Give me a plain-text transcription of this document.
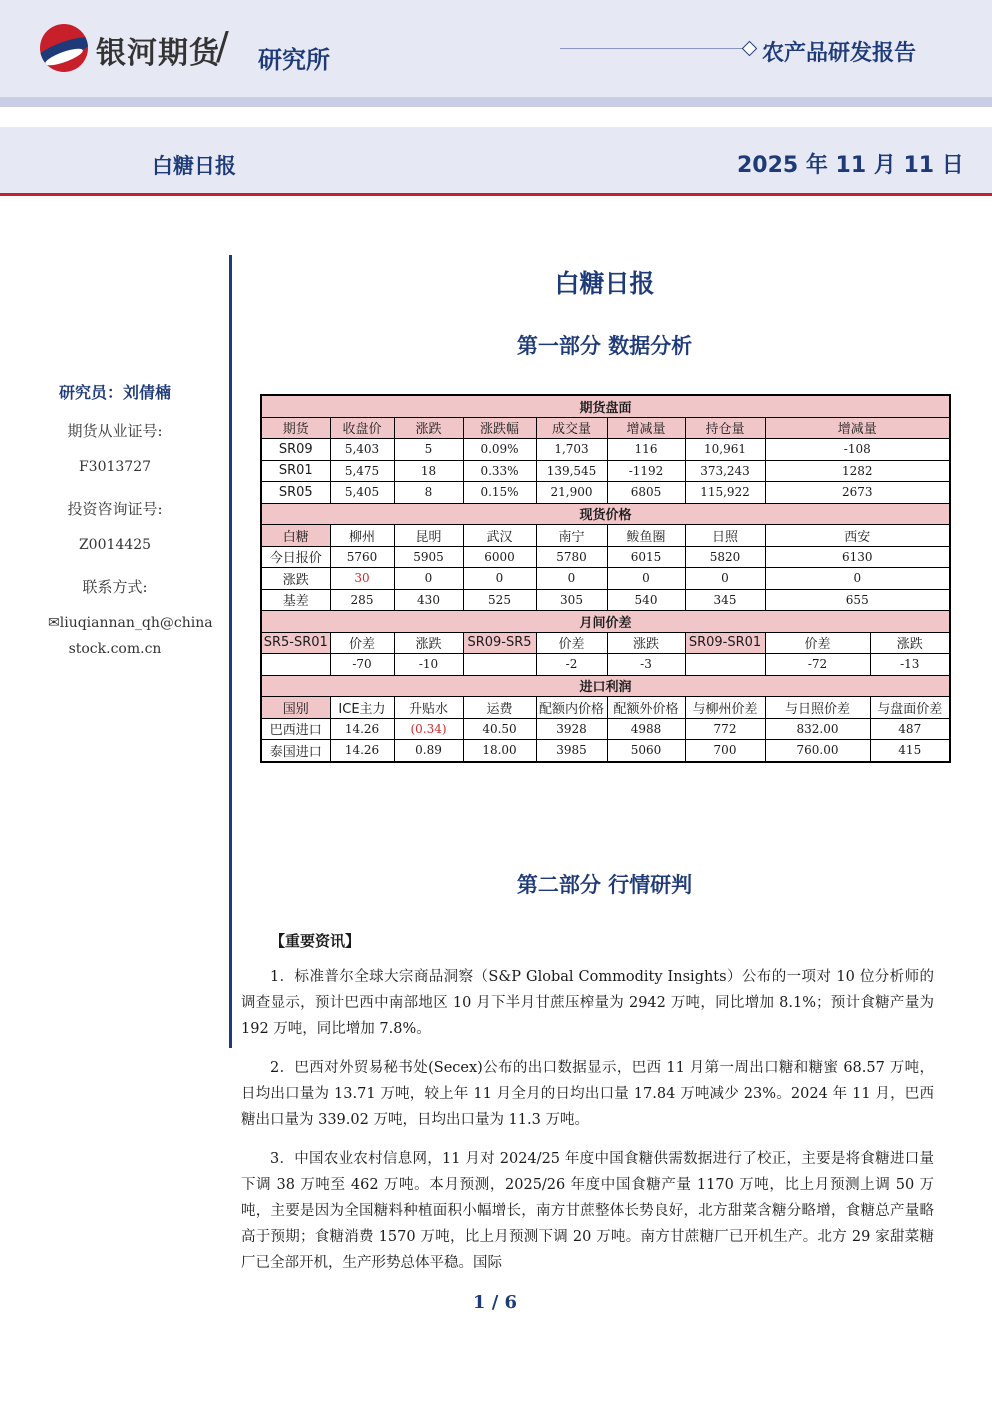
银河期货
/ 研究所	农产品研发报告
白糖日报	2025 年 11 月 11 日
研究员：刘倩楠
期货从业证号:
F3013727
投资咨询证号:
Z0014425
联系方式:
✉liuqiannan_qh@china
stock.com.cn
白糖日报
第一部分 数据分析
期货盘面								
期货	收盘价	涨跌	涨跌幅	成交量	增减量	持仓量	增减量	
SR09	5,403	5	0.09%	1,703	116	10,961	-108	
SR01	5,475	18	0.33%	139,545	-1192	373,243	1282	
SR05	5,405	8	0.15%	21,900	6805	115,922	2673	
现货价格								
白糖	柳州	昆明	武汉	南宁	鲅鱼圈	日照	西安	
今日报价	5760	5905	6000	5780	6015	5820	6130	
涨跌	30	0	0	0	0	0	0	
基差	285	430	525	305	540	345	655	
月间价差								
SR5-SR01	价差	涨跌	SR09-SR5	价差	涨跌	SR09-SR01	价差	涨跌
	-70	-10		-2	-3		-72	-13
进口利润								
国别	ICE主力	升贴水	运费	配额内价格	配额外价格	与柳州价差	与日照价差	与盘面价差
巴西进口	14.26	(0.34)	40.50	3928	4988	772	832.00	487
泰国进口	14.26	0.89	18.00	3985	5060	700	760.00	415
第二部分 行情研判
【重要资讯】
1．标准普尔全球大宗商品洞察（S&P Global Commodity Insights）公布的一项对 10 位分析师的调查显示，预计巴西中南部地区 10 月下半月甘蔗压榨量为 2942 万吨，同比增加 8.1%；预计食糖产量为 192 万吨，同比增加 7.8%。
2．巴西对外贸易秘书处(Secex)公布的出口数据显示，巴西 11 月第一周出口糖和糖蜜 68.57 万吨，日均出口量为 13.71 万吨，较上年 11 月全月的日均出口量 17.84 万吨减少 23%。2024 年 11 月，巴西糖出口量为 339.02 万吨，日均出口量为 11.3 万吨。
3．中国农业农村信息网，11 月对 2024/25 年度中国食糖供需数据进行了校正，主要是将食糖进口量下调 38 万吨至 462 万吨。本月预测，2025/26 年度中国食糖产量 1170 万吨，比上月预测上调 50 万吨，主要是因为全国糖料种植面积小幅增长，南方甘蔗整体长势良好，北方甜菜含糖分略增，食糖总产量略高于预期；食糖消费 1570 万吨，比上月预测下调 20 万吨。南方甘蔗糖厂已开机生产。北方 29 家甜菜糖厂已全部开机，生产形势总体平稳。国际
1 / 6
